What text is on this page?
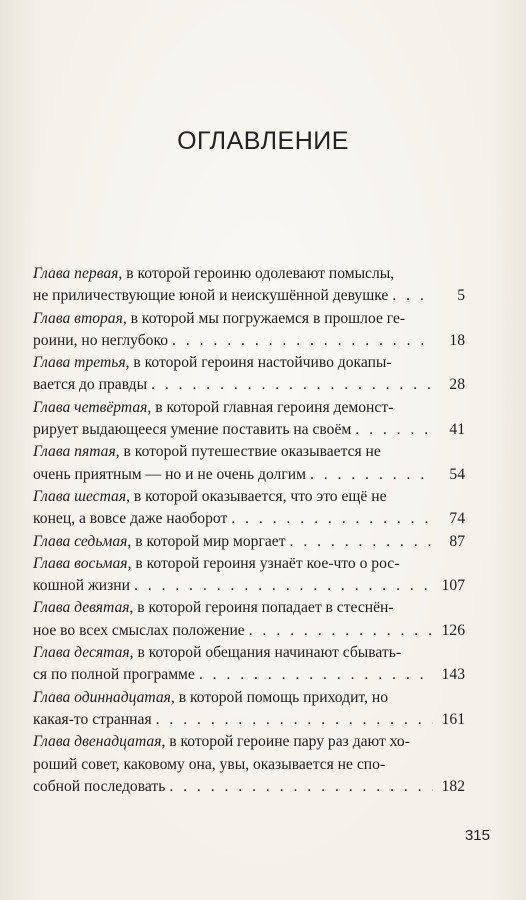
ОГЛАВЛЕНИЕ
Глава первая, в которой героиню одолевают помыслы,
не приличествующие юной и неискушённой девушке . . .	5
Глава вторая, в которой мы погружаемся в прошлое ге-
роини, но неглубоко . . .	18
Глава третья, в которой героиня настойчиво докапы-
вается до правды . . .	28
Глава четвёртая, в которой главная героиня демонст-
рирует выдающееся умение поставить на своём . . .	41
Глава пятая, в которой путешествие оказывается не
очень приятным — но и не очень долгим . . .	54
Глава шестая, в которой оказывается, что это ещё не
конец, а вовсе даже наоборот . . .	74
Глава седьмая , в которой мир моргает . . .	87
Глава восьмая, в которой героиня узнаёт кое-что о рос-
кошной жизни . . .	107
Глава девятая, в которой героиня попадает в стеснён-
ное во всех смыслах положение . . .	126
Глава десятая, в которой обещания начинают сбывать-
ся по полной программе . . .	143
Глава одиннадцатая, в которой помощь приходит, но
какая-то странная . . .	161
Глава двенадцатая, в которой героине пару раз дают хо-
роший совет, каковому она, увы, оказывается не спо-
собной последовать . . .	182
315
